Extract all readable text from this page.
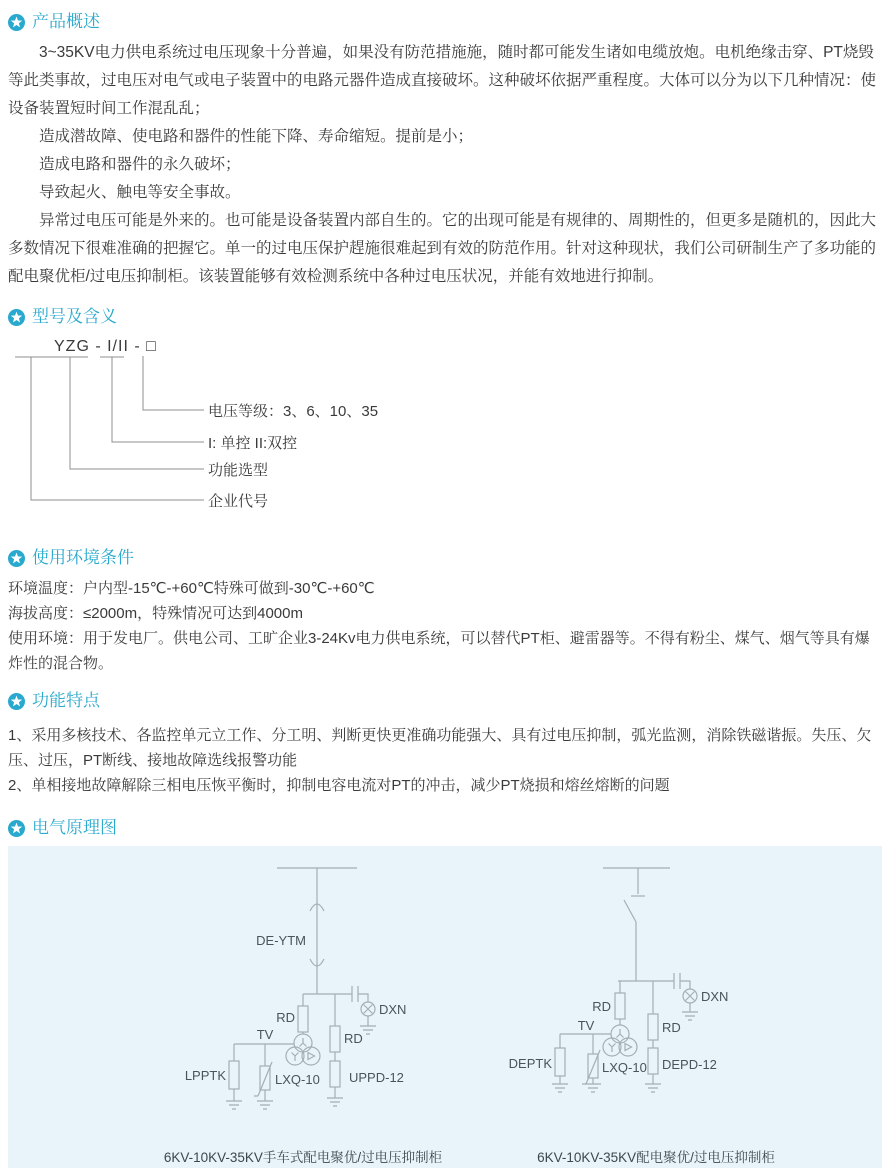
产品概述

3~35KV电力供电系统过电压现象十分普遍，如果没有防范措施施，随时都可能发生诸如电缆放炮。电机绝缘击穿、PT烧毁等此类事故，过电压对电气或电子装置中的电路元器件造成直接破坏。这种破坏依据严重程度。大体可以分为以下几种情况：使设备装置短时间工作混乱乱；

造成潜故障、使电路和器件的性能下降、寿命缩短。提前是小；

造成电路和器件的永久破坏；

导致起火、触电等安全事故。

异常过电压可能是外来的。也可能是设备装置内部自生的。它的出现可能是有规律的、周期性的，但更多是随机的，因此大多数情况下很难准确的把握它。单一的过电压保护趕施很难起到有效的防范作用。针对这种现状，我们公司研制生产了多功能的配电聚优柜/过电压抑制柜。该装置能够有效检测系统中各种过电压状况，并能有效地进行抑制。

型号及含义
YZG - I/II - □
电压等级：3、6、10、35
I: 单控 II:双控
功能选型
企业代号
使用环境条件
环境温度：户内型-15℃-+60℃特殊可做到-30℃-+60℃
海拔高度：≤2000m，特殊情况可达到4000m
使用环境：用于发电厂。供电公司、工旷企业3-24Kv电力供电系统，可以替代PT柜、避雷器等。不得有粉尘、煤气、烟气等具有爆炸性的混合物。
功能特点
1、采用多核技术、各监控单元立工作、分工明、判断更快更准确功能强大、具有过电压抑制，弧光监测，消除铁磁谐振。失压、欠压、过压，PT断线、接地故障选线报警功能
2、单相接地故障解除三相电压恢平衡时，抑制电容电流对PT的冲击，减少PT烧损和熔丝熔断的问题
电气原理图
DE-YTM
RD
TV	RD
DXN
LPPTK	LXQ-10 UPPD-12
RD
TV	RD
DXN
DEPTK	LXQ-10 DEPD-12
6KV-10KV-35KV手车式配电聚优/过电压抑制柜	6KV-10KV-35KV配电聚优/过电压抑制柜
